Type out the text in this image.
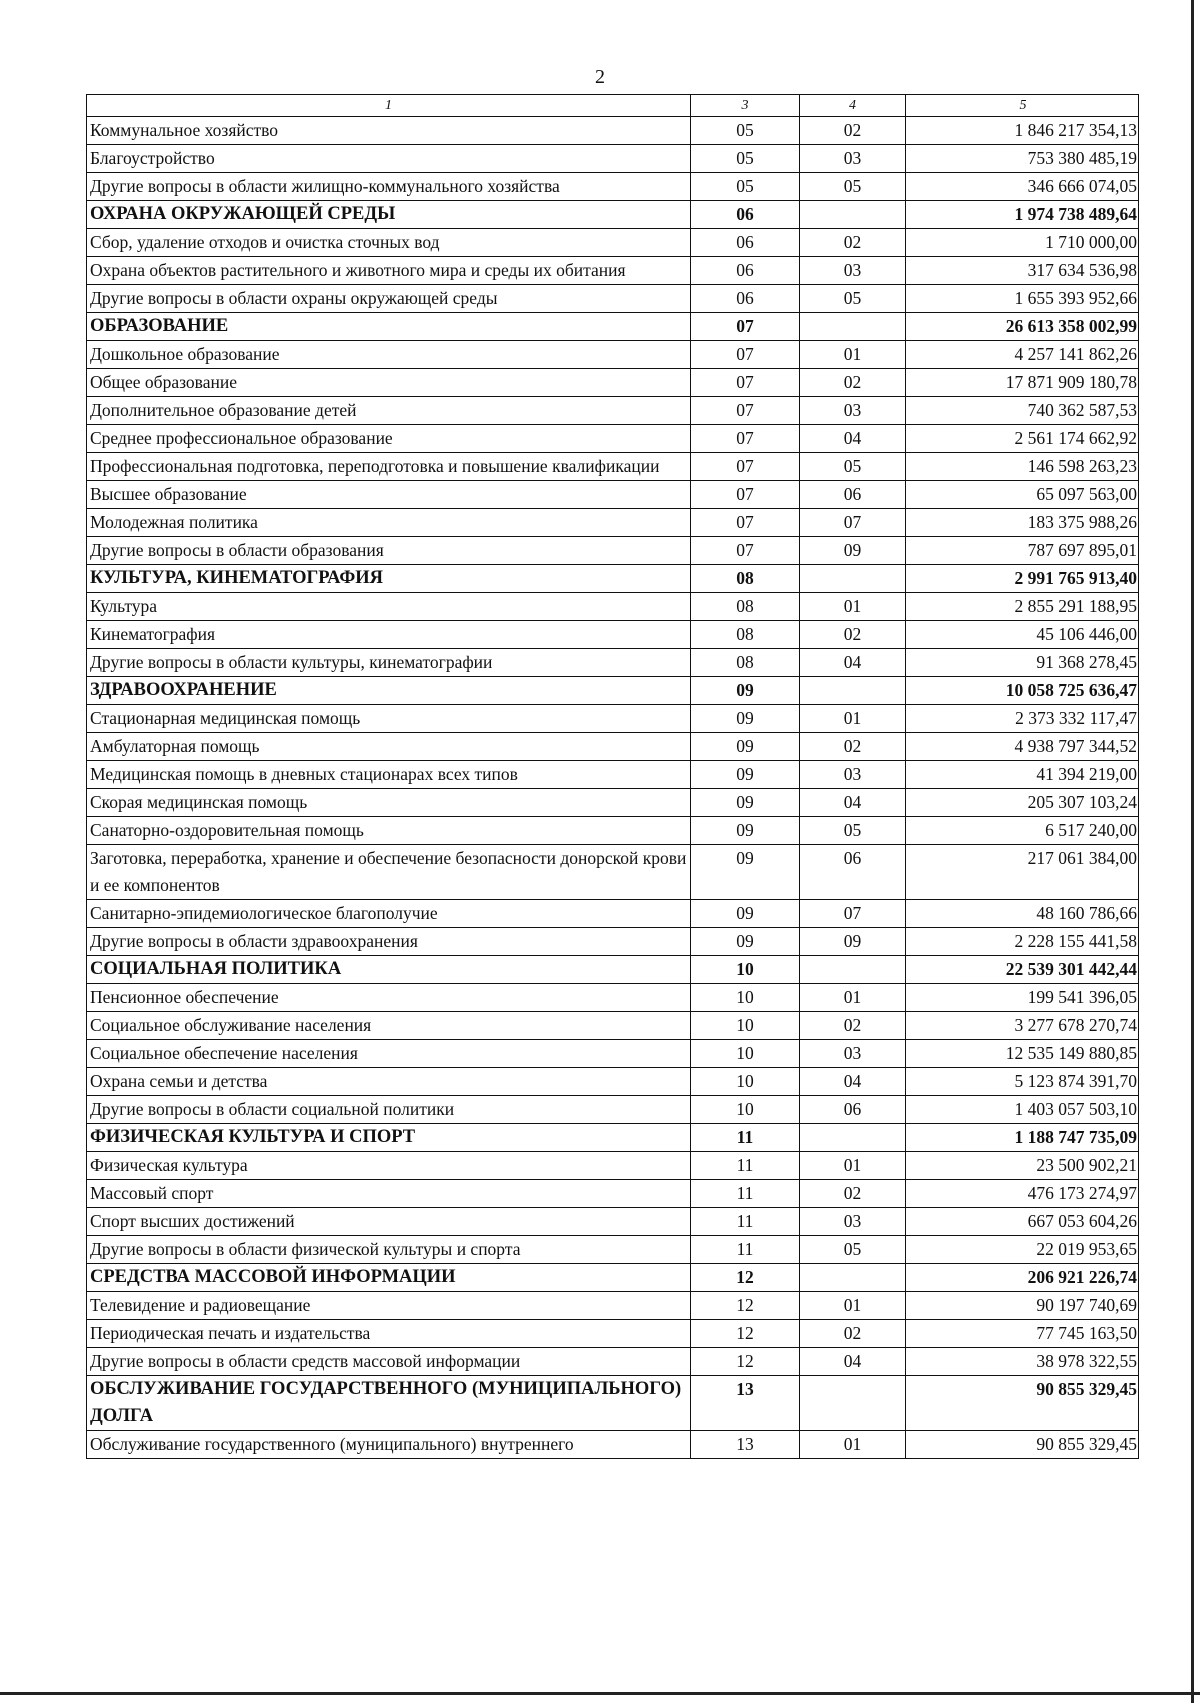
2
1	3	4	5
Коммунальное хозяйство	05	02	1 846 217 354,13
Благоустройство	05	03	753 380 485,19
Другие вопросы в области жилищно-коммунального хозяйства	05	05	346 666 074,05
ОХРАНА ОКРУЖАЮЩЕЙ СРЕДЫ	06		1 974 738 489,64
Сбор, удаление отходов и очистка сточных вод	06	02	1 710 000,00
Охрана объектов растительного и животного мира и среды их обитания	06	03	317 634 536,98
Другие вопросы в области охраны окружающей среды	06	05	1 655 393 952,66
ОБРАЗОВАНИЕ	07		26 613 358 002,99
Дошкольное образование	07	01	4 257 141 862,26
Общее образование	07	02	17 871 909 180,78
Дополнительное образование детей	07	03	740 362 587,53
Среднее профессиональное образование	07	04	2 561 174 662,92
Профессиональная подготовка, переподготовка и повышение квалификации	07	05	146 598 263,23
Высшее образование	07	06	65 097 563,00
Молодежная политика	07	07	183 375 988,26
Другие вопросы в области образования	07	09	787 697 895,01
КУЛЬТУРА, КИНЕМАТОГРАФИЯ	08		2 991 765 913,40
Культура	08	01	2 855 291 188,95
Кинематография	08	02	45 106 446,00
Другие вопросы в области культуры, кинематографии	08	04	91 368 278,45
ЗДРАВООХРАНЕНИЕ	09		10 058 725 636,47
Стационарная медицинская помощь	09	01	2 373 332 117,47
Амбулаторная помощь	09	02	4 938 797 344,52
Медицинская помощь в дневных стационарах всех типов	09	03	41 394 219,00
Скорая медицинская помощь	09	04	205 307 103,24
Санаторно-оздоровительная помощь	09	05	6 517 240,00
Заготовка, переработка, хранение и обеспечение безопасности донорской крови и ее компонентов	09	06	217 061 384,00
Санитарно-эпидемиологическое благополучие	09	07	48 160 786,66
Другие вопросы в области здравоохранения	09	09	2 228 155 441,58
СОЦИАЛЬНАЯ ПОЛИТИКА	10		22 539 301 442,44
Пенсионное обеспечение	10	01	199 541 396,05
Социальное обслуживание населения	10	02	3 277 678 270,74
Социальное обеспечение населения	10	03	12 535 149 880,85
Охрана семьи и детства	10	04	5 123 874 391,70
Другие вопросы в области социальной политики	10	06	1 403 057 503,10
ФИЗИЧЕСКАЯ КУЛЬТУРА И СПОРТ	11		1 188 747 735,09
Физическая культура	11	01	23 500 902,21
Массовый спорт	11	02	476 173 274,97
Спорт высших достижений	11	03	667 053 604,26
Другие вопросы в области физической культуры и спорта	11	05	22 019 953,65
СРЕДСТВА МАССОВОЙ ИНФОРМАЦИИ	12		206 921 226,74
Телевидение и радиовещание	12	01	90 197 740,69
Периодическая печать и издательства	12	02	77 745 163,50
Другие вопросы в области средств массовой информации	12	04	38 978 322,55
ОБСЛУЖИВАНИЕ ГОСУДАРСТВЕННОГО (МУНИЦИПАЛЬНОГО) ДОЛГА	13		90 855 329,45
Обслуживание государственного (муниципального) внутреннего	13	01	90 855 329,45
